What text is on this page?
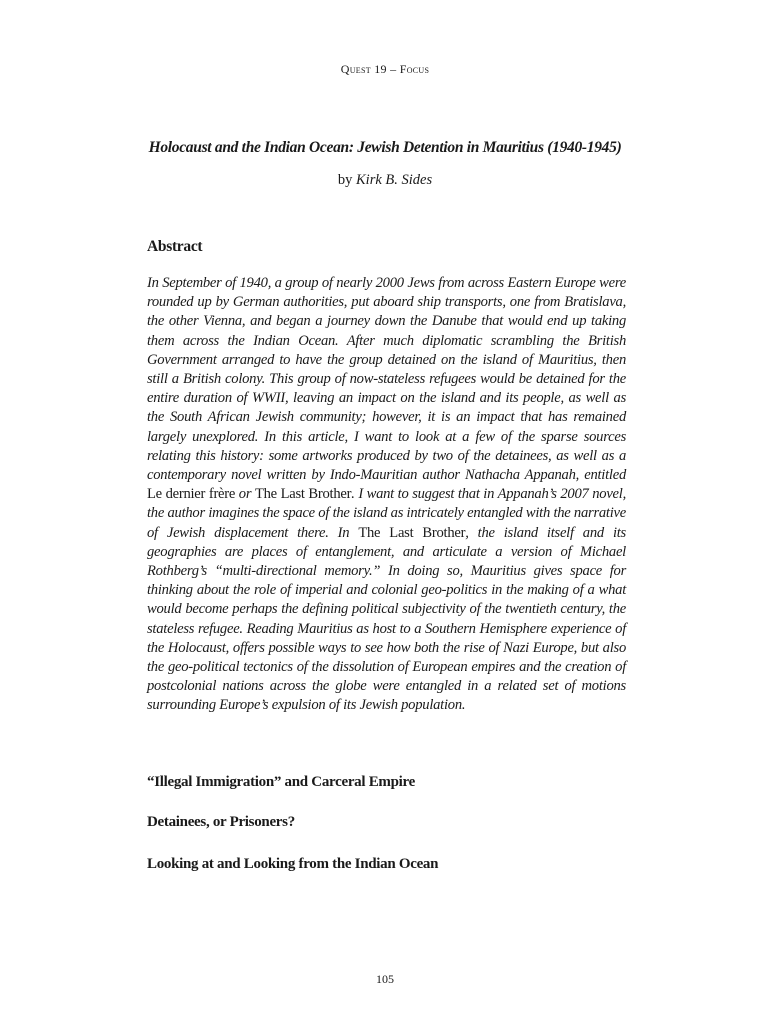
Quest 19 – Focus
Holocaust and the Indian Ocean: Jewish Detention in Mauritius (1940-1945)
by Kirk B. Sides
Abstract

In September of 1940, a group of nearly 2000 Jews from across Eastern Europe were rounded up by German authorities, put aboard ship transports, one from Bratislava, the other Vienna, and began a journey down the Danube that would end up taking them across the Indian Ocean. After much diplomatic scrambling the British Government arranged to have the group detained on the island of Mauritius, then still a British colony. This group of now-stateless refugees would be detained for the entire duration of WWII, leaving an impact on the island and its people, as well as the South African Jewish community; however, it is an impact that has remained largely unexplored. In this article, I want to look at a few of the sparse sources relating this history: some artworks produced by two of the detainees, as well as a contemporary novel written by Indo-Mauritian author Nathacha Appanah, entitled Le dernier frère or The Last Brother. I want to suggest that in Appanah’s 2007 novel, the author imagines the space of the island as intricately entangled with the narrative of Jewish displacement there. In The Last Brother, the island itself and its geographies are places of entanglement, and articulate a version of Michael Rothberg’s “multi-directional memory.” In doing so, Mauritius gives space for thinking about the role of imperial and colonial geo-politics in the making of a what would become perhaps the defining political subjectivity of the twentieth century, the stateless refugee. Reading Mauritius as host to a Southern Hemisphere experience of the Holocaust, offers possible ways to see how both the rise of Nazi Europe, but also the geo-political tectonics of the dissolution of European empires and the creation of postcolonial nations across the globe were entangled in a related set of motions surrounding Europe’s expulsion of its Jewish population.

“Illegal Immigration” and Carceral Empire
Detainees, or Prisoners?
Looking at and Looking from the Indian Ocean
105
